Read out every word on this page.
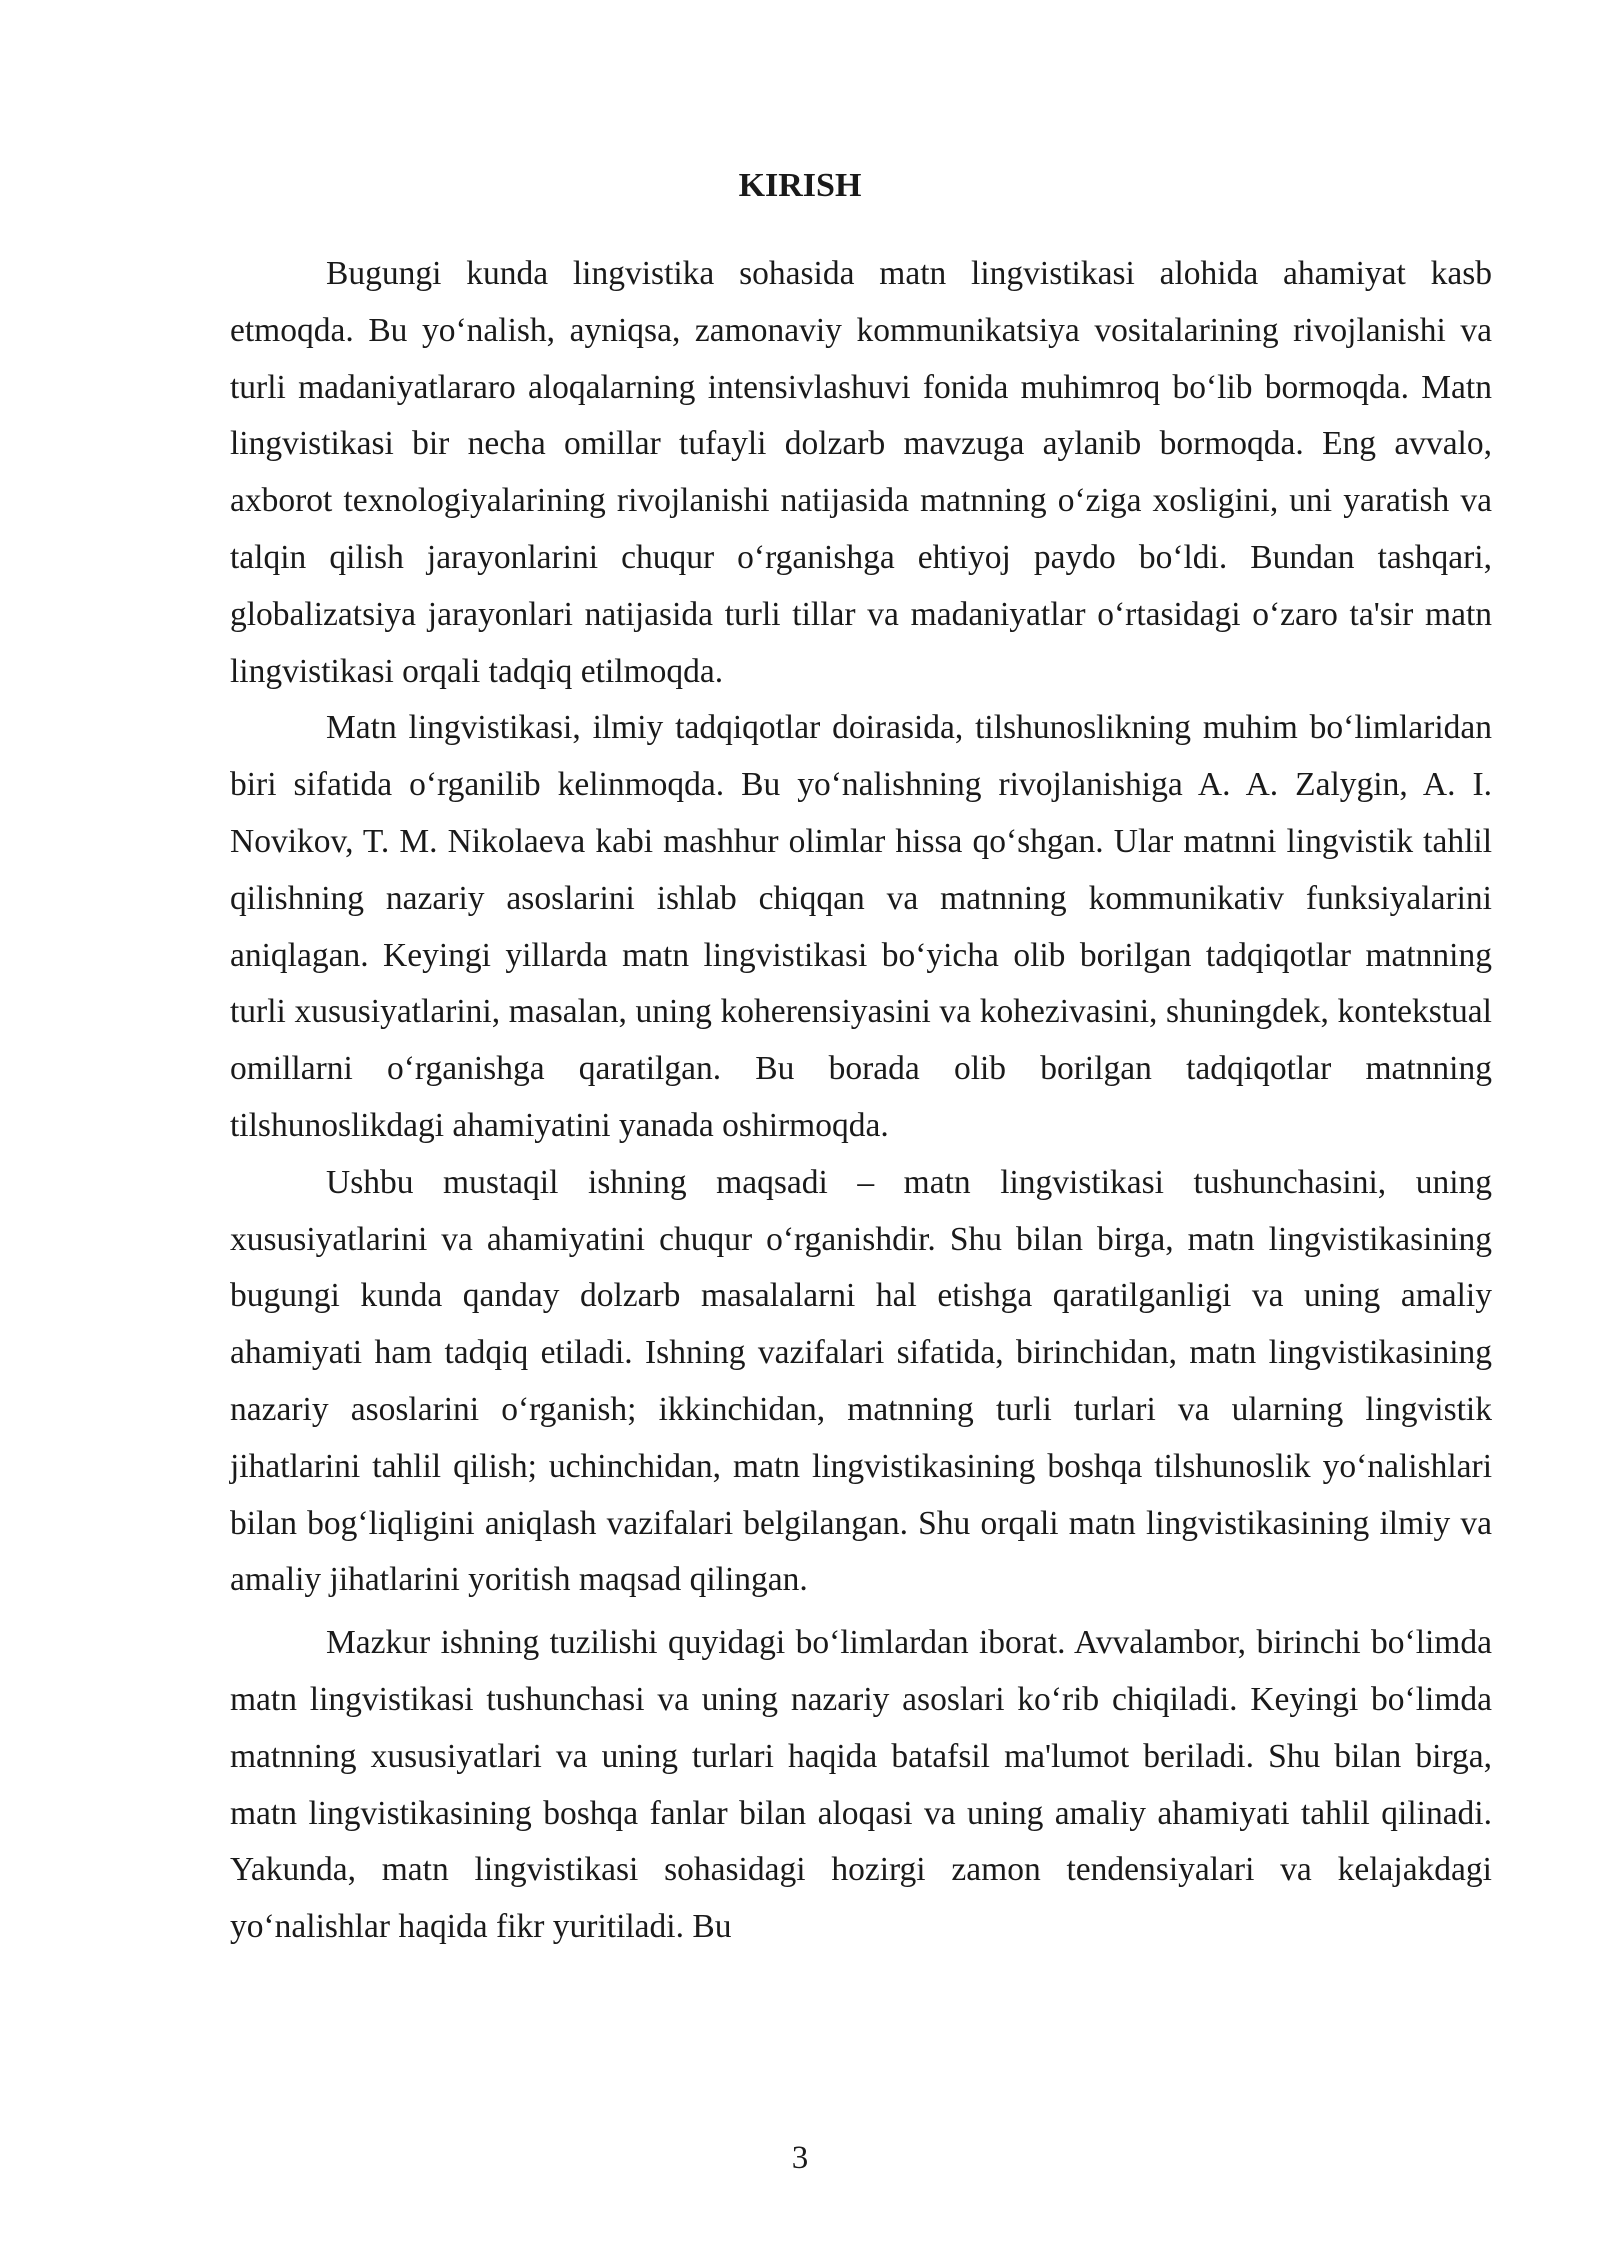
KIRISH

Bugungi kunda lingvistika sohasida matn lingvistikasi alohida ahamiyat kasb etmoqda. Bu yo‘nalish, ayniqsa, zamonaviy kommunikatsiya vositalarining rivojlanishi va turli madaniyatlararo aloqalarning intensivlashuvi fonida muhimroq bo‘lib bormoqda. Matn lingvistikasi bir necha omillar tufayli dolzarb mavzuga aylanib bormoqda. Eng avvalo, axborot texnologiyalarining rivojlanishi natijasida matnning o‘ziga xosligini, uni yaratish va talqin qilish jarayonlarini chuqur o‘rganishga ehtiyoj paydo bo‘ldi. Bundan tashqari, globalizatsiya jarayonlari natijasida turli tillar va madaniyatlar o‘rtasidagi o‘zaro ta'sir matn lingvistikasi orqali tadqiq etilmoqda.

Matn lingvistikasi, ilmiy tadqiqotlar doirasida, tilshunoslikning muhim bo‘limlaridan biri sifatida o‘rganilib kelinmoqda. Bu yo‘nalishning rivojlanishiga A. A. Zalygin, A. I. Novikov, T. M. Nikolaeva kabi mashhur olimlar hissa qo‘shgan. Ular matnni lingvistik tahlil qilishning nazariy asoslarini ishlab chiqqan va matnning kommunikativ funksiyalarini aniqlagan. Keyingi yillarda matn lingvistikasi bo‘yicha olib borilgan tadqiqotlar matnning turli xususiyatlarini, masalan, uning koherensiyasini va kohezivasini, shuningdek, kontekstual omillarni o‘rganishga qaratilgan. Bu borada olib borilgan tadqiqotlar matnning tilshunoslikdagi ahamiyatini yanada oshirmoqda.

Ushbu mustaqil ishning maqsadi – matn lingvistikasi tushunchasini, uning xususiyatlarini va ahamiyatini chuqur o‘rganishdir. Shu bilan birga, matn lingvistikasining bugungi kunda qanday dolzarb masalalarni hal etishga qaratilganligi va uning amaliy ahamiyati ham tadqiq etiladi. Ishning vazifalari sifatida, birinchidan, matn lingvistikasining nazariy asoslarini o‘rganish; ikkinchidan, matnning turli turlari va ularning lingvistik jihatlarini tahlil qilish; uchinchidan, matn lingvistikasining boshqa tilshunoslik yo‘nalishlari bilan bog‘liqligini aniqlash vazifalari belgilangan. Shu orqali matn lingvistikasining ilmiy va amaliy jihatlarini yoritish maqsad qilingan.

Mazkur ishning tuzilishi quyidagi bo‘limlardan iborat. Avvalambor, birinchi bo‘limda matn lingvistikasi tushunchasi va uning nazariy asoslari ko‘rib chiqiladi. Keyingi bo‘limda matnning xususiyatlari va uning turlari haqida batafsil ma'lumot beriladi. Shu bilan birga, matn lingvistikasining boshqa fanlar bilan aloqasi va uning amaliy ahamiyati tahlil qilinadi. Yakunda, matn lingvistikasi sohasidagi hozirgi zamon tendensiyalari va kelajakdagi yo‘nalishlar haqida fikr yuritiladi. Bu

3
